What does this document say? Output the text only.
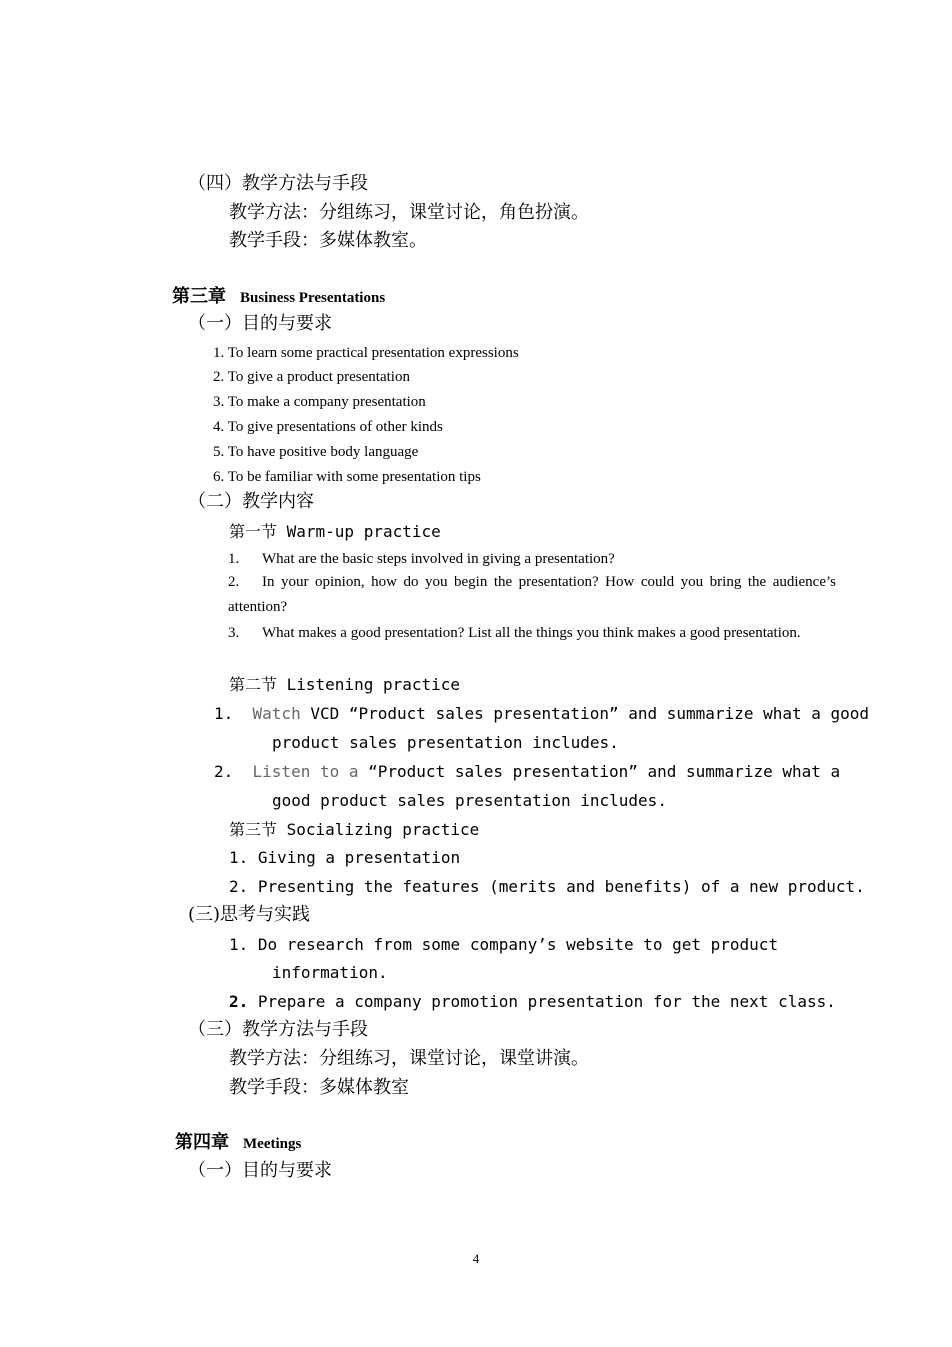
（四）教学方法与手段
教学方法：分组练习，课堂讨论，角色扮演。
教学手段：多媒体教室。
第三章 Business Presentations
（一）目的与要求
1. To learn some practical presentation expressions
2. To give a product presentation
3. To make a company presentation
4. To give presentations of other kinds
5. To have positive body language
6. To be familiar with some presentation tips
（二）教学内容
第一节 Warm-up practice
1. What are the basic steps involved in giving a presentation?
2. In your opinion, how do you begin the presentation? How could you bring the audience’s attention?
3. What makes a good presentation? List all the things you think makes a good presentation.
第二节 Listening practice
1. Watch VCD “Product sales presentation” and summarize what a good
product sales presentation includes.
2. Listen to a “Product sales presentation” and summarize what a
good product sales presentation includes.
第三节 Socializing practice
1. Giving a presentation
2. Presenting the features (merits and benefits) of a new product.
(三)思考与实践
1. Do research from some company’s website to get product
information.
2. Prepare a company promotion presentation for the next class.
（三）教学方法与手段
教学方法：分组练习，课堂讨论，课堂讲演。
教学手段：多媒体教室
第四章 Meetings
（一）目的与要求
4
